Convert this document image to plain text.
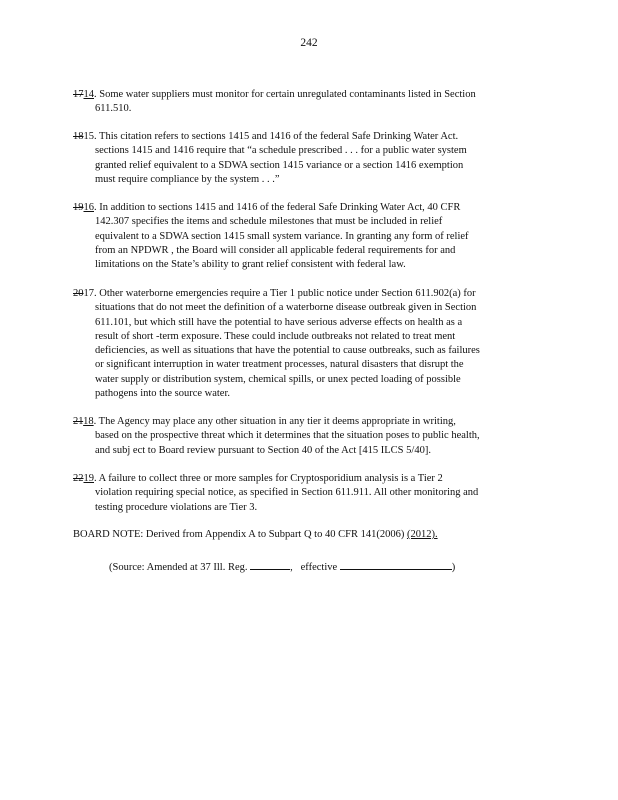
242
1714. Some water suppliers must monitor for certain unregulated contaminants listed in Section
611.510.
1815. This citation refers to sections 1415 and 1416 of the federal Safe Drinking Water Act.
sections 1415 and 1416 require that “a schedule prescribed . . . for a public water system
granted relief equivalent to a SDWA section 1415 variance or a section 1416 exemption
must require compliance by the system . . .”
1916. In addition to sections 1415 and 1416 of the federal Safe Drinking Water Act, 40 CFR
142.307 specifies the items and schedule milestones that must be included in relief
equivalent to a SDWA section 1415 small system variance. In granting any form of relief
from an NPDWR , the Board will consider all applicable federal requirements for and
limitations on the State’s ability to grant relief consistent with federal law.
2017. Other waterborne emergencies require a Tier 1 public notice under Section 611.902(a) for
situations that do not meet the definition of a waterborne disease outbreak given in Section
611.101, but which still have the potential to have serious adverse effects on health as a
result of short -term exposure. These could include outbreaks not related to treat ment
deficiencies, as well as situations that have the potential to cause outbreaks, such as failures
or significant interruption in water treatment processes, natural disasters that disrupt the
water supply or distribution system, chemical spills, or unex pected loading of possible
pathogens into the source water.
2118. The Agency may place any other situation in any tier it deems appropriate in writing,
based on the prospective threat which it determines that the situation poses to public health,
and subj ect to Board review pursuant to Section 40 of the Act [415 ILCS 5/40].
2219. A failure to collect three or more samples for Cryptosporidium analysis is a Tier 2
violation requiring special notice, as specified in Section 611.911. All other monitoring and
testing procedure violations are Tier 3.
BOARD NOTE: Derived from Appendix A to Subpart Q to 40 CFR 141(2006) (2012).
(Source: Amended at 37 Ill. Reg.	, effective	)
